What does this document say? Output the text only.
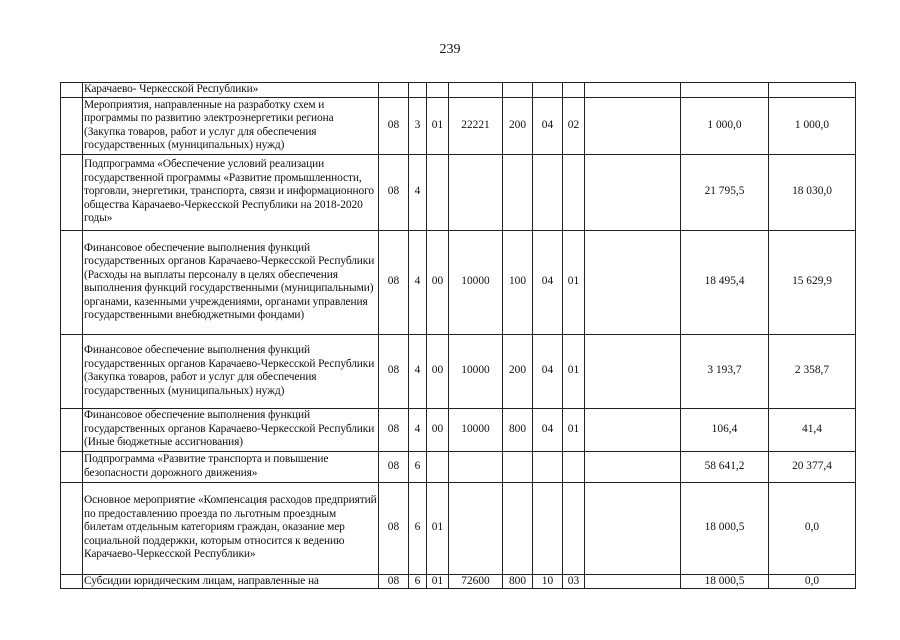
239
	Карачаево- Черкесской Республики»											
	Мероприятия, направленные на разработку схем и программы по развитию электроэнергетики региона (Закупка товаров, работ и услуг для обеспечения государственных (муниципальных) нужд)	08	3	01	22221	200	04	02		1 000,0	1 000,0	
	Подпрограмма «Обеспечение условий реализации государственной программы «Развитие промышленности, торговли, энергетики, транспорта, связи и информационного общества Карачаево-Черкесской Республики на 2018-2020 годы»	08	4							21 795,5	18 030,0	
	Финансовое обеспечение выполнения функций государственных органов Карачаево-Черкесской Республики (Расходы на выплаты персоналу в целях обеспечения выполнения функций государственными (муниципальными) органами, казенными учреждениями, органами управления государственными внебюджетными фондами)	08	4	00	10000	100	04	01		18 495,4	15 629,9	
	Финансовое обеспечение выполнения функций государственных органов Карачаево-Черкесской Республики (Закупка товаров, работ и услуг для обеспечения государственных (муниципальных) нужд)	08	4	00	10000	200	04	01		3 193,7	2 358,7	
	Финансовое обеспечение выполнения функций государственных органов Карачаево-Черкесской Республики (Иные бюджетные ассигнования)	08	4	00	10000	800	04	01		106,4	41,4	
	Подпрограмма «Развитие транспорта и повышение безопасности дорожного движения»	08	6							58 641,2	20 377,4	
	Основное мероприятие «Компенсация расходов предприятий по предоставлению проезда по льготным проездным билетам отдельным категориям граждан, оказание мер социальной поддержки, которым относится к ведению Карачаево-Черкесской Республики»	08	6	01						18 000,5	0,0	
	Субсидии юридическим лицам, направленные на	08	6	01	72600	800	10	03		18 000,5	0,0	
